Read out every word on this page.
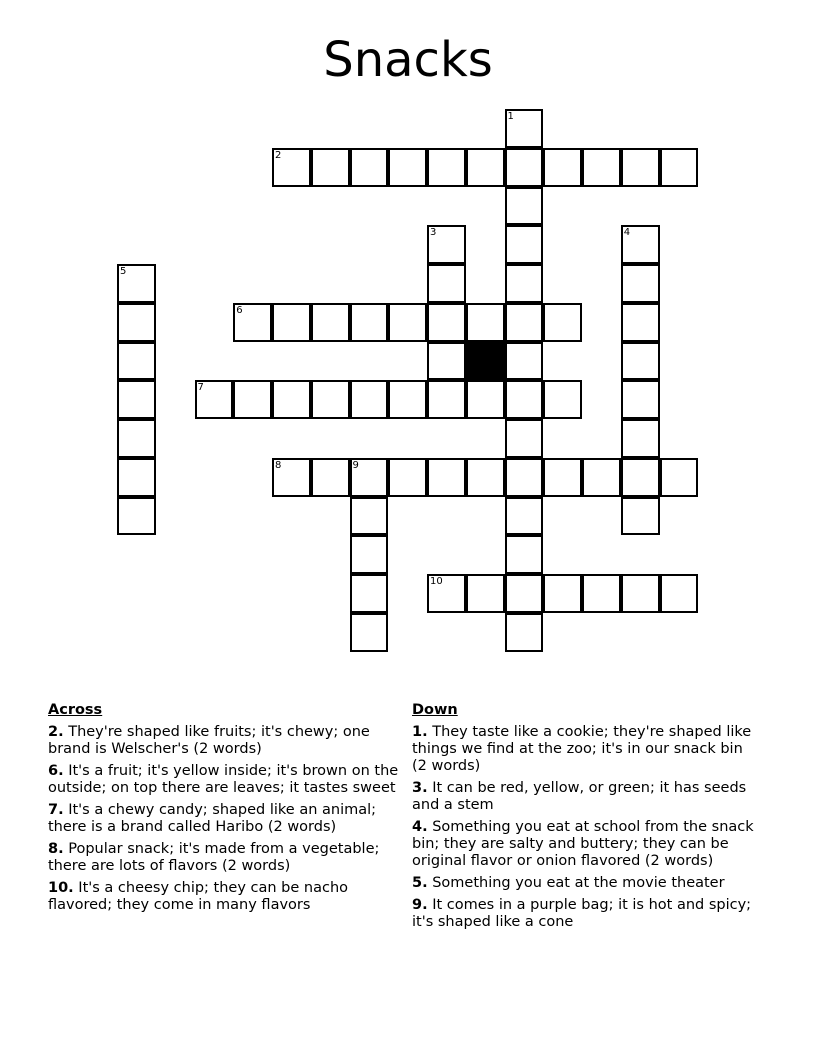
Snacks
1
2
3	4
5
6
7
8	9
10
Across
2. They're shaped like fruits; it's chewy; one brand is Welscher's (2 words)
6. It's a fruit; it's yellow inside; it's brown on the outside; on top there are leaves; it tastes sweet
7. It's a chewy candy; shaped like an animal; there is a brand called Haribo (2 words)
8. Popular snack; it's made from a vegetable; there are lots of flavors (2 words)
10. It's a cheesy chip; they can be nacho flavored; they come in many flavors
Down
1. They taste like a cookie; they're shaped like things we find at the zoo; it's in our snack bin (2 words)
3. It can be red, yellow, or green; it has seeds and a stem
4. Something you eat at school from the snack bin; they are salty and buttery; they can be original flavor or onion flavored (2 words)
5. Something you eat at the movie theater
9. It comes in a purple bag; it is hot and spicy; it's shaped like a cone
